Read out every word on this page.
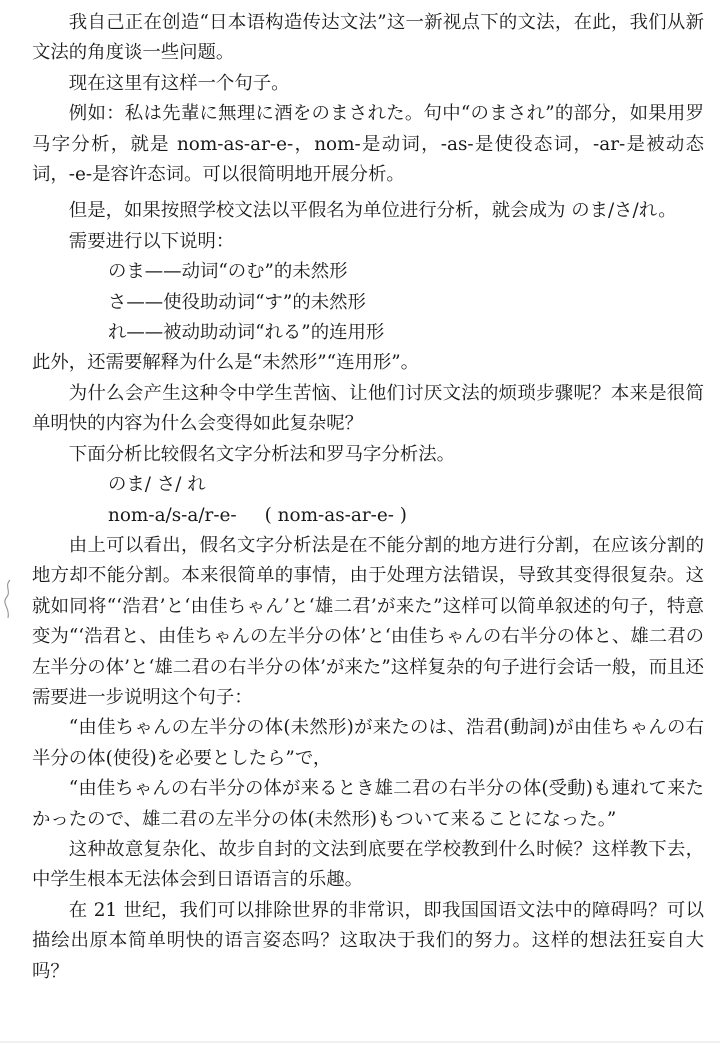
我自己正在创造“日本语构造传达文法”这一新视点下的文法，在此，我们从新文法的角度谈一些问题。

现在这里有这样一个句子。

例如：私は先輩に無理に酒をのまされた。句中“のまされ”的部分，如果用罗马字分析，就是 nom-as-ar-e-，nom-是动词，-as-是使役态词，-ar-是被动态词，-e-是容许态词。可以很简明地开展分析。

但是，如果按照学校文法以平假名为单位进行分析，就会成为 のま/さ/れ。

需要进行以下说明：

のま——动词“のむ”的未然形
さ——使役助动词“す”的未然形
れ——被动助动词“れる”的连用形

此外，还需要解释为什么是“未然形”“连用形”。

为什么会产生这种令中学生苦恼、让他们讨厌文法的烦琐步骤呢？本来是很简单明快的内容为什么会变得如此复杂呢？

下面分析比较假名文字分析法和罗马字分析法。

のま/ さ/ れ
nom-a/s-a/r-e- ( nom-as-ar-e- )

由上可以看出，假名文字分析法是在不能分割的地方进行分割，在应该分割的地方却不能分割。本来很简单的事情，由于处理方法错误，导致其变得很复杂。这就如同将“‘浩君’と‘由佳ちゃん’と‘雄二君’が来た”这样可以简单叙述的句子，特意变为“‘浩君と、由佳ちゃんの左半分の体’と‘由佳ちゃんの右半分の体と、雄二君の左半分の体’と‘雄二君の右半分の体’が来た”这样复杂的句子进行会话一般，而且还需要进一步说明这个句子：

“由佳ちゃんの左半分の体(未然形)が来たのは、浩君(動詞)が由佳ちゃんの右半分の体(使役)を必要としたら”で，

“由佳ちゃんの右半分の体が来るとき雄二君の右半分の体(受動)も連れて来たかったので、雄二君の左半分の体(未然形)もついて来ることになった。”

这种故意复杂化、故步自封的文法到底要在学校教到什么时候？这样教下去，中学生根本无法体会到日语语言的乐趣。

在 21 世纪，我们可以排除世界的非常识，即我国国语文法中的障碍吗？可以描绘出原本简单明快的语言姿态吗？这取决于我们的努力。这样的想法狂妄自大吗？
